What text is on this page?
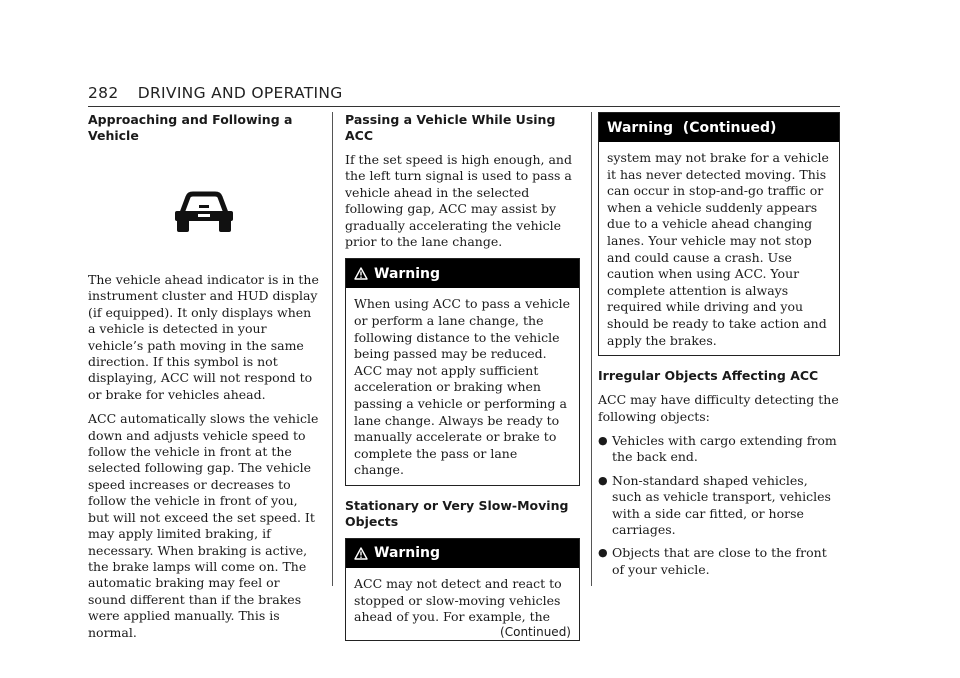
282 DRIVING AND OPERATING
Approaching and Following a Vehicle

The vehicle ahead indicator is in the instrument cluster and HUD display (if equipped). It only displays when a vehicle is detected in your vehicle’s path moving in the same direction. If this symbol is not displaying, ACC will not respond to or brake for vehicles ahead.

ACC automatically slows the vehicle down and adjusts vehicle speed to follow the vehicle in front at the selected following gap. The vehicle speed increases or decreases to follow the vehicle in front of you, but will not exceed the set speed. It may apply limited braking, if necessary. When braking is active, the brake lamps will come on. The automatic braking may feel or sound different than if the brakes were applied manually. This is normal.

Passing a Vehicle While Using ACC

If the set speed is high enough, and the left turn signal is used to pass a vehicle ahead in the selected following gap, ACC may assist by gradually accelerating the vehicle prior to the lane change.

Warning
When using ACC to pass a vehicle or perform a lane change, the following distance to the vehicle being passed may be reduced. ACC may not apply sufficient acceleration or braking when passing a vehicle or performing a lane change. Always be ready to manually accelerate or brake to complete the pass or lane change.
Stationary or Very Slow-Moving Objects
Warning
ACC may not detect and react to stopped or slow-moving vehicles ahead of you. For example, the
(Continued)
Warning  (Continued)
system may not brake for a vehicle it has never detected moving. This can occur in stop-and-go traffic or when a vehicle suddenly appears due to a vehicle ahead changing lanes. Your vehicle may not stop and could cause a crash. Use caution when using ACC. Your complete attention is always required while driving and you should be ready to take action and apply the brakes.
Irregular Objects Affecting ACC

ACC may have difficulty detecting the following objects:

● Vehicles with cargo extending from the back end.
● Non-standard shaped vehicles, such as vehicle transport, vehicles with a side car fitted, or horse carriages.
● Objects that are close to the front of your vehicle.
